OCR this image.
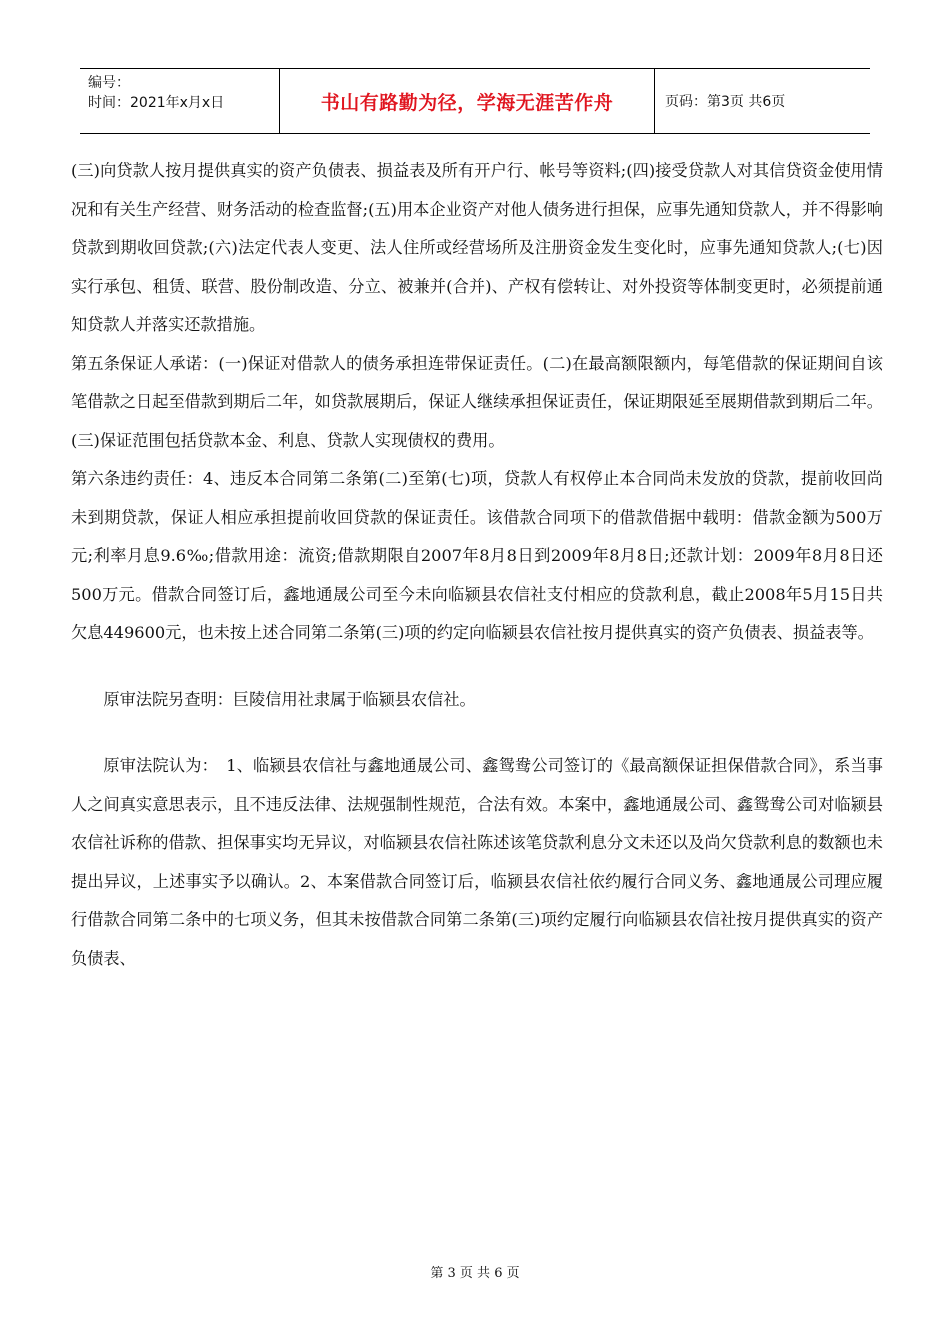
编号：
时间：2021年x月x日	书山有路勤为径，学海无涯苦作舟	页码：第3页 共6页

(三)向贷款人按月提供真实的资产负债表、损益表及所有开户行、帐号等资料;(四)接受贷款人对其信贷资金使用情况和有关生产经营、财务活动的检查监督;(五)用本企业资产对他人债务进行担保，应事先通知贷款人，并不得影响贷款到期收回贷款;(六)法定代表人变更、法人住所或经营场所及注册资金发生变化时，应事先通知贷款人;(七)因实行承包、租赁、联营、股份制改造、分立、被兼并(合并)、产权有偿转让、对外投资等体制变更时，必须提前通知贷款人并落实还款措施。

第五条保证人承诺：(一)保证对借款人的债务承担连带保证责任。(二)在最高额限额内，每笔借款的保证期间自该笔借款之日起至借款到期后二年，如贷款展期后，保证人继续承担保证责任，保证期限延至展期借款到期后二年。(三)保证范围包括贷款本金、利息、贷款人实现债权的费用。

第六条违约责任：4、违反本合同第二条第(二)至第(七)项，贷款人有权停止本合同尚未发放的贷款，提前收回尚未到期贷款，保证人相应承担提前收回贷款的保证责任。该借款合同项下的借款借据中载明：借款金额为500万元;利率月息9.6‰;借款用途：流资;借款期限自2007年8月8日到2009年8月8日;还款计划：2009年8月8日还500万元。借款合同签订后，鑫地通晟公司至今未向临颍县农信社支付相应的贷款利息，截止2008年5月15日共欠息449600元，也未按上述合同第二条第(三)项的约定向临颍县农信社按月提供真实的资产负债表、损益表等。

原审法院另查明：巨陵信用社隶属于临颍县农信社。

原审法院认为：　1、临颍县农信社与鑫地通晟公司、鑫鸳鸯公司签订的《最高额保证担保借款合同》，系当事人之间真实意思表示，且不违反法律、法规强制性规范，合法有效。本案中，鑫地通晟公司、鑫鸳鸯公司对临颍县农信社诉称的借款、担保事实均无异议，对临颍县农信社陈述该笔贷款利息分文未还以及尚欠贷款利息的数额也未提出异议，上述事实予以确认。2、本案借款合同签订后，临颍县农信社依约履行合同义务、鑫地通晟公司理应履行借款合同第二条中的七项义务，但其未按借款合同第二条第(三)项约定履行向临颍县农信社按月提供真实的资产负债表、

第 3 页 共 6 页
